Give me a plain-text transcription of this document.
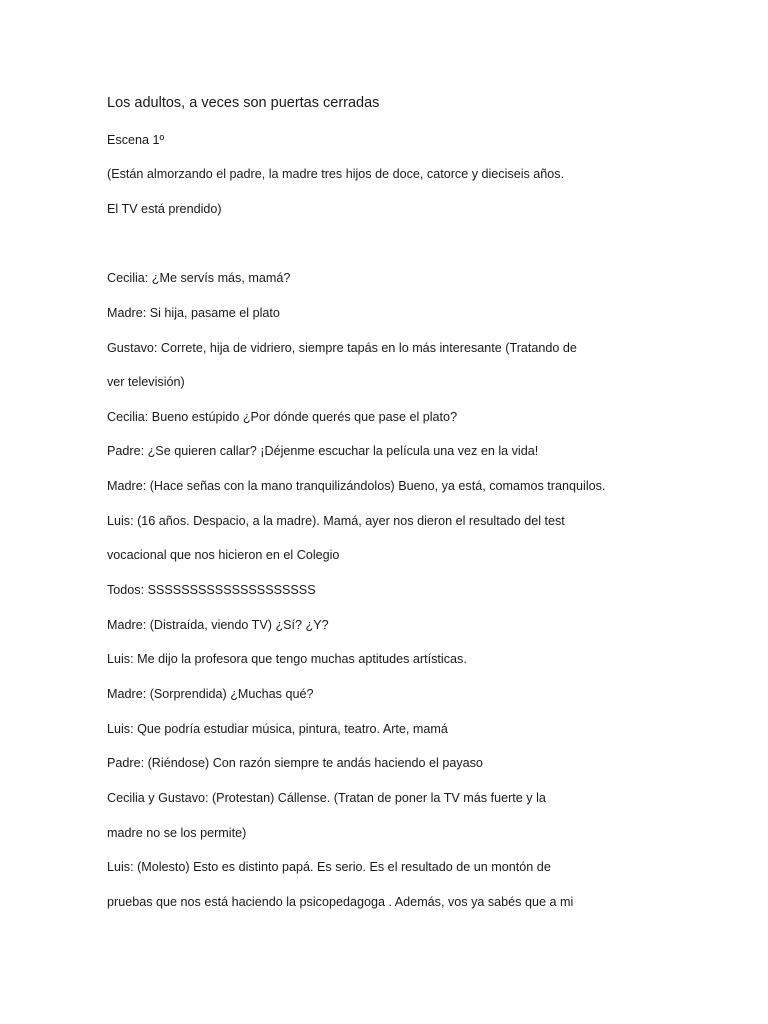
Los adultos, a veces son puertas cerradas
Escena 1º
(Están almorzando el padre, la madre tres hijos de doce, catorce y dieciseis años.
El TV está prendido)
Cecilia: ¿Me servís más, mamá?
Madre: Si hija, pasame el plato
Gustavo: Correte, hija de vidriero, siempre tapás en lo más interesante (Tratando de
ver televisión)
Cecilia: Bueno estúpido ¿Por dónde querés que pase el plato?
Padre: ¿Se quieren callar? ¡Déjenme escuchar la película una vez en la vida!
Madre: (Hace señas con la mano tranquilizándolos) Bueno, ya está, comamos tranquilos.
Luis: (16 años. Despacio, a la madre). Mamá, ayer nos dieron el resultado del test
vocacional que nos hicieron en el Colegio
Todos: SSSSSSSSSSSSSSSSSSSS
Madre: (Distraída, viendo TV) ¿Sí? ¿Y?
Luis: Me dijo la profesora que tengo muchas aptitudes artísticas.
Madre: (Sorprendida) ¿Muchas qué?
Luis: Que podría estudiar música, pintura, teatro. Arte, mamá
Padre: (Riéndose) Con razón siempre te andás haciendo el payaso
Cecilia y Gustavo: (Protestan) Cállense. (Tratan de poner la TV más fuerte y la
madre no se los permite)
Luis: (Molesto) Esto es distinto papá. Es serio. Es el resultado de un montón de
pruebas que nos está haciendo la psicopedagoga . Además, vos ya sabés que a mi
